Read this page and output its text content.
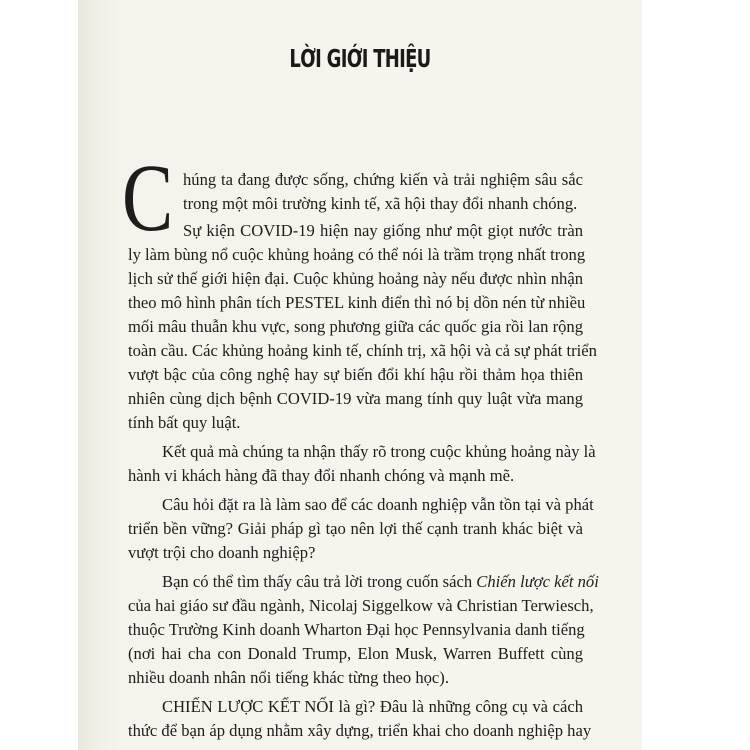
LỜI GIỚI THIỆU
C húng ta đang được sống, chứng kiến và trải nghiệm sâu sắc
trong một môi trường kinh tế, xã hội thay đổi nhanh chóng.
Sự kiện COVID-19 hiện nay giống như một giọt nước tràn
ly làm bùng nổ cuộc khủng hoảng có thể nói là trầm trọng nhất trong
lịch sử thế giới hiện đại. Cuộc khủng hoảng này nếu được nhìn nhận
theo mô hình phân tích PESTEL kinh điển thì nó bị dồn nén từ nhiều
mối mâu thuẫn khu vực, song phương giữa các quốc gia rồi lan rộng
toàn cầu. Các khủng hoảng kinh tế, chính trị, xã hội và cả sự phát triển
vượt bậc của công nghệ hay sự biến đổi khí hậu rồi thảm họa thiên
nhiên cùng dịch bệnh COVID-19 vừa mang tính quy luật vừa mang
tính bất quy luật.
Kết quả mà chúng ta nhận thấy rõ trong cuộc khủng hoảng này là
hành vi khách hàng đã thay đổi nhanh chóng và mạnh mẽ.
Câu hỏi đặt ra là làm sao để các doanh nghiệp vẫn tồn tại và phát
triển bền vững? Giải pháp gì tạo nên lợi thế cạnh tranh khác biệt và
vượt trội cho doanh nghiệp?
Bạn có thể tìm thấy câu trả lời trong cuốn sách Chiến lược kết nối
của hai giáo sư đầu ngành, Nicolaj Siggelkow và Christian Terwiesch,
thuộc Trường Kinh doanh Wharton Đại học Pennsylvania danh tiếng
(nơi hai cha con Donald Trump, Elon Musk, Warren Buffett cùng
nhiều doanh nhân nổi tiếng khác từng theo học).
CHIẾN LƯỢC KẾT NỐI là gì? Đâu là những công cụ và cách
thức để bạn áp dụng nhằm xây dựng, triển khai cho doanh nghiệp hay
